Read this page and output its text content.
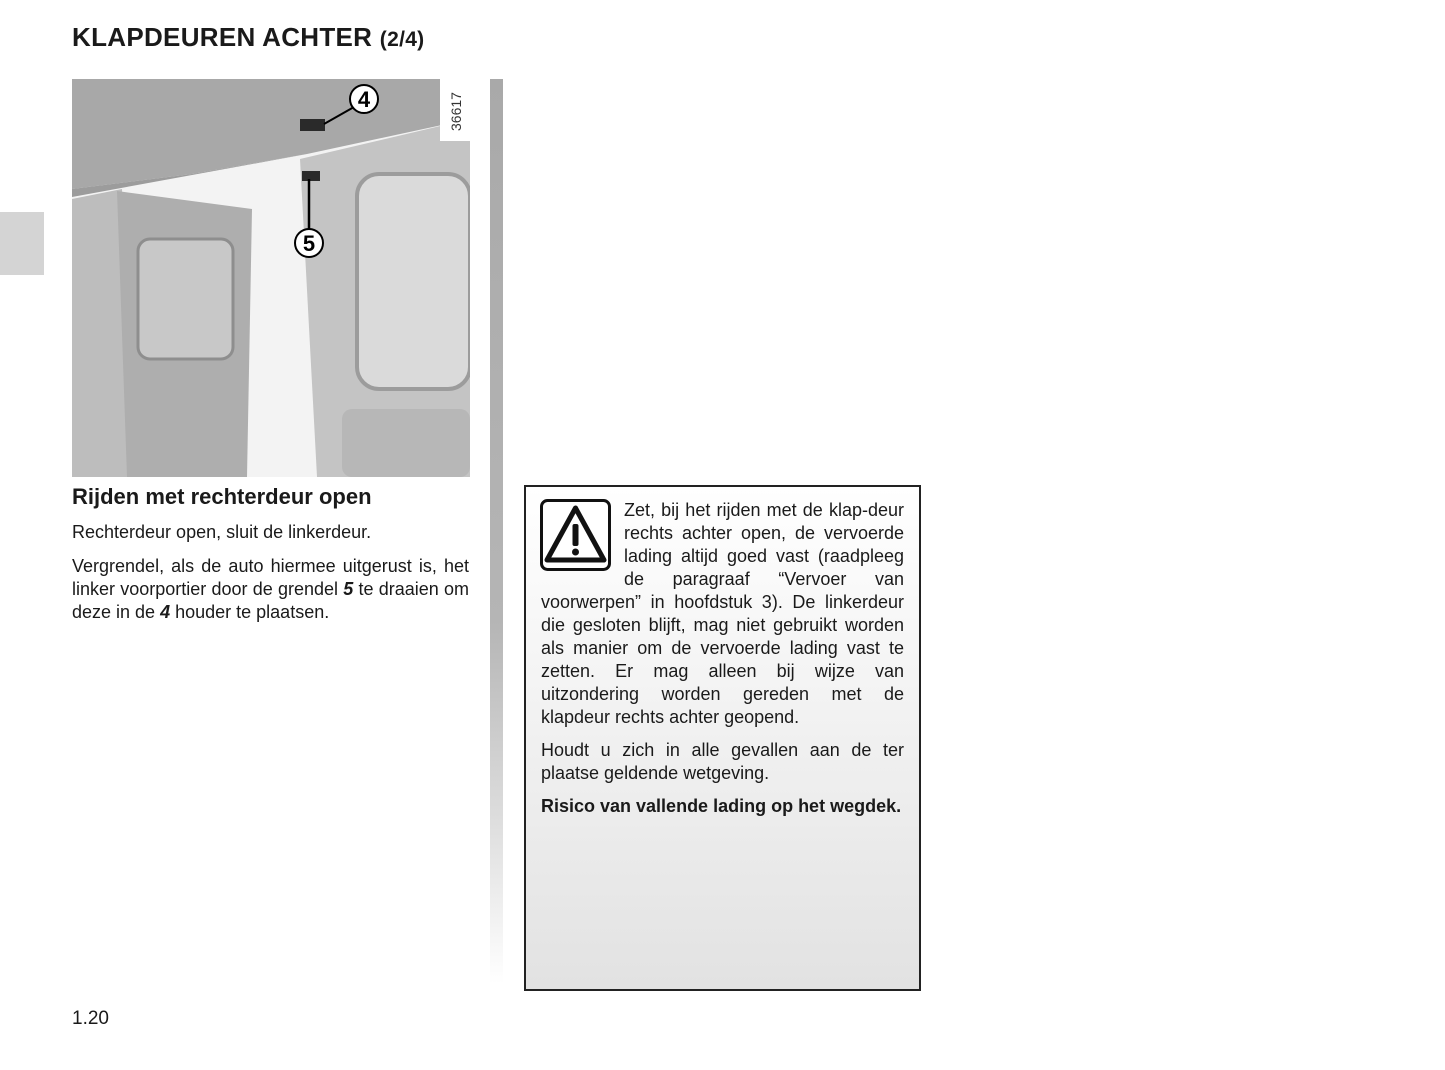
KLAPDEUREN ACHTER (2/4)
4
5
36617
Rijden met rechterdeur open
Rechterdeur open, sluit de linkerdeur.
Vergrendel, als de auto hiermee uitgerust is, het linker voorportier door de grendel 5 te draaien om deze in de 4 houder te plaatsen.

Zet, bij het rijden met de klap-deur rechts achter open, de vervoerde lading altijd goed vast (raadpleeg de paragraaf “Vervoer van voorwerpen” in hoofdstuk 3). De linkerdeur die gesloten blijft, mag niet gebruikt worden als manier om de vervoerde lading vast te zetten. Er mag alleen bij wijze van uitzondering worden gereden met de klapdeur rechts achter geopend.

Houdt u zich in alle gevallen aan de ter plaatse geldende wetgeving.

Risico van vallende lading op het wegdek.

1.20
